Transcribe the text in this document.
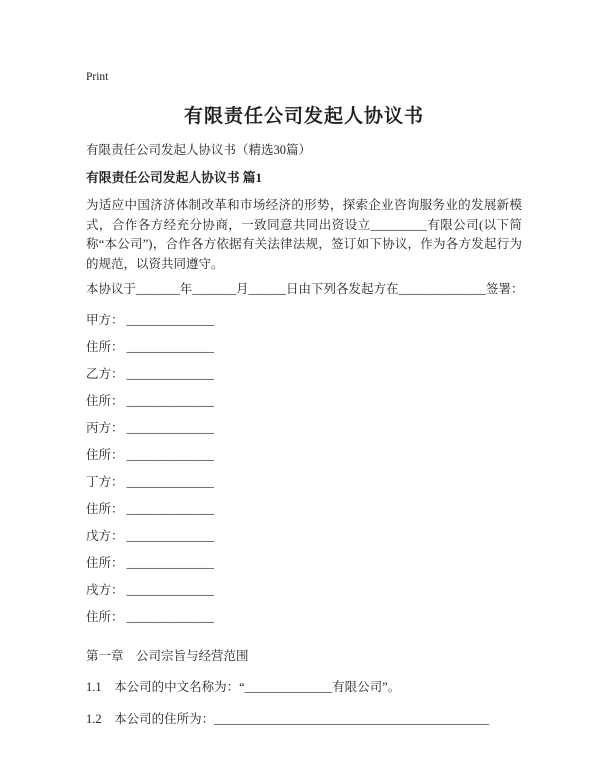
Print
有限责任公司发起人协议书

有限责任公司发起人协议书（精选30篇）

有限责任公司发起人协议书 篇1

为适应中国济济体制改革和市场经济的形势，探索企业咨询服务业的发展新模式，合作各方经充分协商，一致同意共同出资设立_________有限公司(以下简称“本公司”)，合作各方依据有关法律法规，签订如下协议，作为各方发起行为的规范，以资共同遵守。

本协议于_______年_______月______日由下列各发起方在______________签署：

甲方： ______________
住所： ______________
乙方： ______________
住所： ______________
丙方： ______________
住所： ______________
丁方： ______________
住所： ______________
戊方： ______________
住所： ______________
戌方： ______________
住所： ______________

第一章　公司宗旨与经营范围

1.1　本公司的中文名称为：“______________有限公司”。

1.2　本公司的住所为：____________________________________________
